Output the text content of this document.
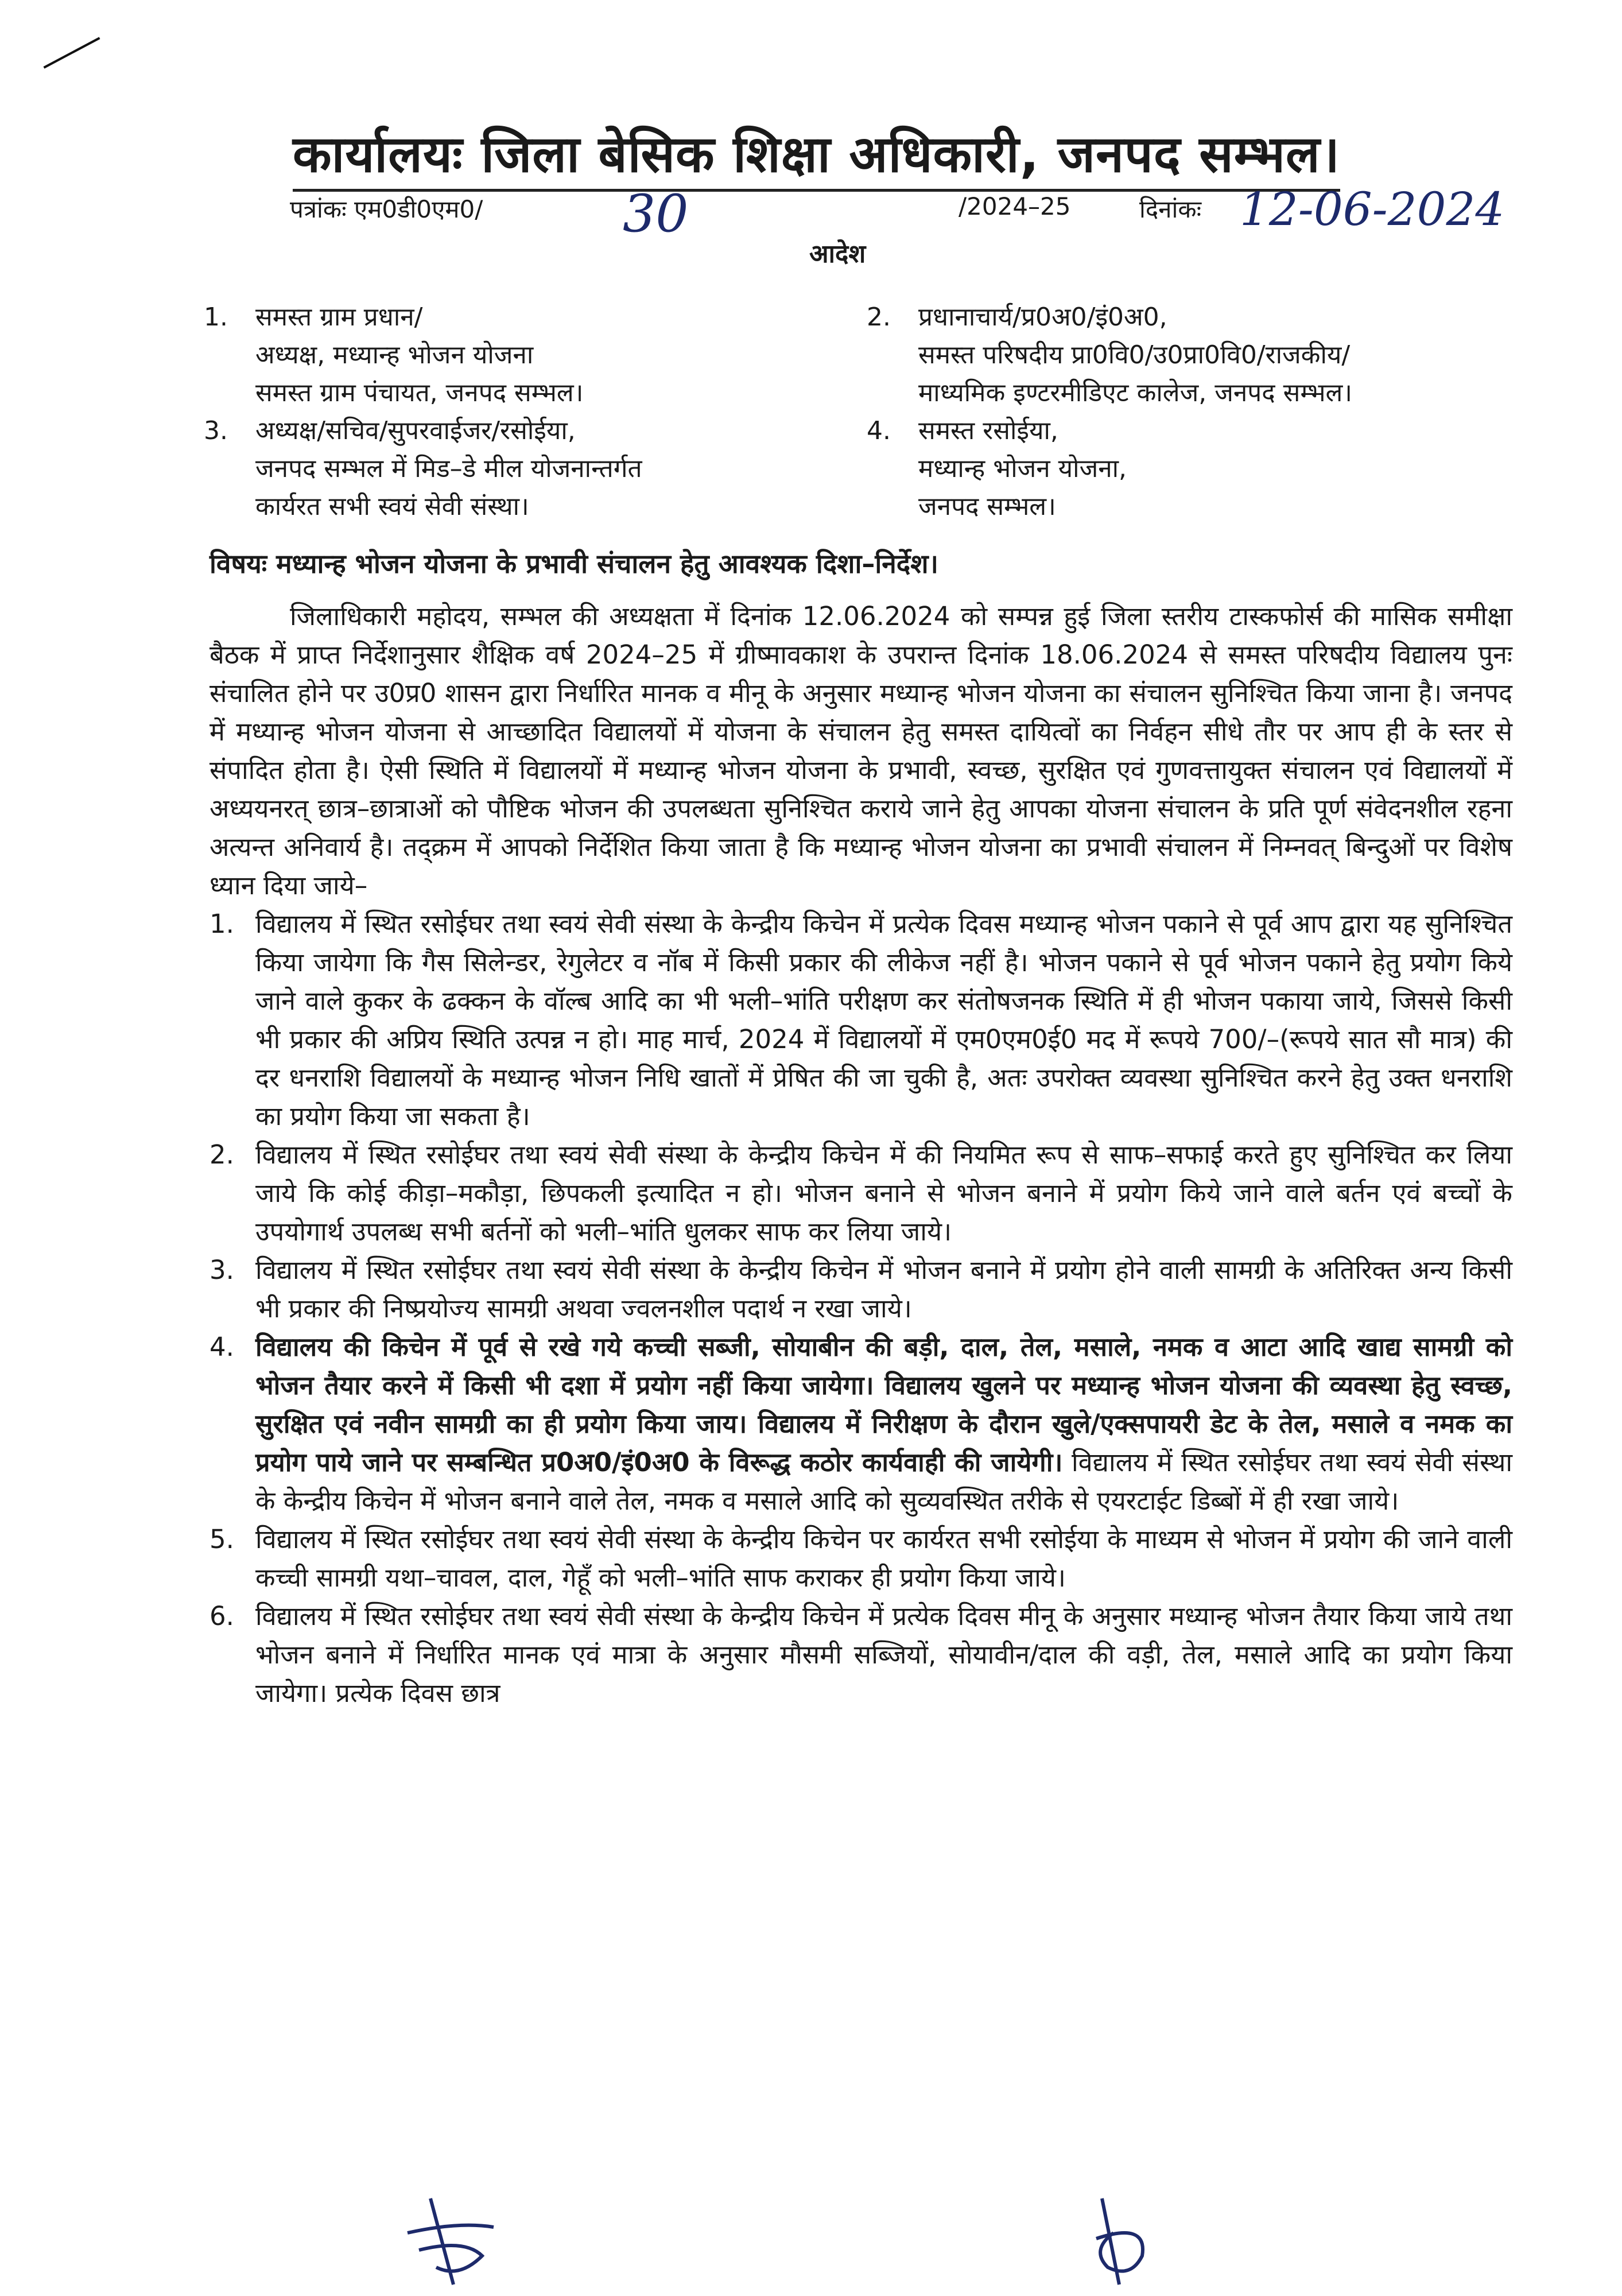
कार्यालयः जिला बेसिक शिक्षा अधिकारी, जनपद सम्भल।
पत्रांकः एम0डी0एम0/	30	/2024–25	दिनांकः 12-06-2024
आदेश
1. समस्त ग्राम प्रधान/
अध्यक्ष, मध्यान्ह भोजन योजना
समस्त ग्राम पंचायत, जनपद सम्भल।
2. प्रधानाचार्य/प्र0अ0/इं0अ0,
समस्त परिषदीय प्रा0वि0/उ0प्रा0वि0/राजकीय/
माध्यमिक इण्टरमीडिएट कालेज, जनपद सम्भल।
3. अध्यक्ष/सचिव/सुपरवाईजर/रसोईया,
जनपद सम्भल में मिड–डे मील योजनान्तर्गत
कार्यरत सभी स्वयं सेवी संस्था।
4. समस्त रसोईया,
मध्यान्ह भोजन योजना,
जनपद सम्भल।
विषयः मध्यान्ह भोजन योजना के प्रभावी संचालन हेतु आवश्यक दिशा–निर्देश।

जिलाधिकारी महोदय, सम्भल की अध्यक्षता में दिनांक 12.06.2024 को सम्पन्न हुई जिला स्तरीय टास्कफोर्स की मासिक समीक्षा बैठक में प्राप्त निर्देशानुसार शैक्षिक वर्ष 2024–25 में ग्रीष्मावकाश के उपरान्त दिनांक 18.06.2024 से समस्त परिषदीय विद्यालय पुनः संचालित होने पर उ0प्र0 शासन द्वारा निर्धारित मानक व मीनू के अनुसार मध्यान्ह भोजन योजना का संचालन सुनिश्चित किया जाना है। जनपद में मध्यान्ह भोजन योजना से आच्छादित विद्यालयों में योजना के संचालन हेतु समस्त दायित्वों का निर्वहन सीधे तौर पर आप ही के स्तर से संपादित होता है। ऐसी स्थिति में विद्यालयों में मध्यान्ह भोजन योजना के प्रभावी, स्वच्छ, सुरक्षित एवं गुणवत्तायुक्त संचालन एवं विद्यालयों में अध्ययनरत् छात्र–छात्राओं को पौष्टिक भोजन की उपलब्धता सुनिश्चित कराये जाने हेतु आपका योजना संचालन के प्रति पूर्ण संवेदनशील रहना अत्यन्त अनिवार्य है। तद्क्रम में आपको निर्देशित किया जाता है कि मध्यान्ह भोजन योजना का प्रभावी संचालन में निम्नवत् बिन्दुओं पर विशेष ध्यान दिया जाये–

1. विद्यालय में स्थित रसोईघर तथा स्वयं सेवी संस्था के केन्द्रीय किचेन में प्रत्येक दिवस मध्यान्ह भोजन पकाने से पूर्व आप द्वारा यह सुनिश्चित किया जायेगा कि गैस सिलेन्डर, रेगुलेटर व नॉब में किसी प्रकार की लीकेज नहीं है। भोजन पकाने से पूर्व भोजन पकाने हेतु प्रयोग किये जाने वाले कुकर के ढक्कन के वॉल्ब आदि का भी भली–भांति परीक्षण कर संतोषजनक स्थिति में ही भोजन पकाया जाये, जिससे किसी भी प्रकार की अप्रिय स्थिति उत्पन्न न हो। माह मार्च, 2024 में विद्यालयों में एम0एम0ई0 मद में रूपये 700/–(रूपये सात सौ मात्र) की दर धनराशि विद्यालयों के मध्यान्ह भोजन निधि खातों में प्रेषित की जा चुकी है, अतः उपरोक्त व्यवस्था सुनिश्चित करने हेतु उक्त धनराशि का प्रयोग किया जा सकता है।

2. विद्यालय में स्थित रसोईघर तथा स्वयं सेवी संस्था के केन्द्रीय किचेन में की नियमित रूप से साफ–सफाई करते हुए सुनिश्चित कर लिया जाये कि कोई कीड़ा–मकौड़ा, छिपकली इत्यादित न हो। भोजन बनाने से भोजन बनाने में प्रयोग किये जाने वाले बर्तन एवं बच्चों के उपयोगार्थ उपलब्ध सभी बर्तनों को भली–भांति धुलकर साफ कर लिया जाये।

3. विद्यालय में स्थित रसोईघर तथा स्वयं सेवी संस्था के केन्द्रीय किचेन में भोजन बनाने में प्रयोग होने वाली सामग्री के अतिरिक्त अन्य किसी भी प्रकार की निष्प्रयोज्य सामग्री अथवा ज्वलनशील पदार्थ न रखा जाये।

4. विद्यालय की किचेन में पूर्व से रखे गये कच्ची सब्जी, सोयाबीन की बड़ी, दाल, तेल, मसाले, नमक व आटा आदि खाद्य सामग्री को भोजन तैयार करने में किसी भी दशा में प्रयोग नहीं किया जायेगा। विद्यालय खुलने पर मध्यान्ह भोजन योजना की व्यवस्था हेतु स्वच्छ, सुरक्षित एवं नवीन सामग्री का ही प्रयोग किया जाय। विद्यालय में निरीक्षण के दौरान खुले/एक्सपायरी डेट के तेल, मसाले व नमक का प्रयोग पाये जाने पर सम्बन्धित प्र0अ0/इं0अ0 के विरूद्ध कठोर कार्यवाही की जायेगी। विद्यालय में स्थित रसोईघर तथा स्वयं सेवी संस्था के केन्द्रीय किचेन में भोजन बनाने वाले तेल, नमक व मसाले आदि को सुव्यवस्थित तरीके से एयरटाईट डिब्बों में ही रखा जाये।

5. विद्यालय में स्थित रसोईघर तथा स्वयं सेवी संस्था के केन्द्रीय किचेन पर कार्यरत सभी रसोईया के माध्यम से भोजन में प्रयोग की जाने वाली कच्ची सामग्री यथा–चावल, दाल, गेहूँ को भली–भांति साफ कराकर ही प्रयोग किया जाये।

6. विद्यालय में स्थित रसोईघर तथा स्वयं सेवी संस्था के केन्द्रीय किचेन में प्रत्येक दिवस मीनू के अनुसार मध्यान्ह भोजन तैयार किया जाये तथा भोजन बनाने में निर्धारित मानक एवं मात्रा के अनुसार मौसमी सब्जियों, सोयावीन/दाल की वड़ी, तेल, मसाले आदि का प्रयोग किया जायेगा। प्रत्येक दिवस छात्र
